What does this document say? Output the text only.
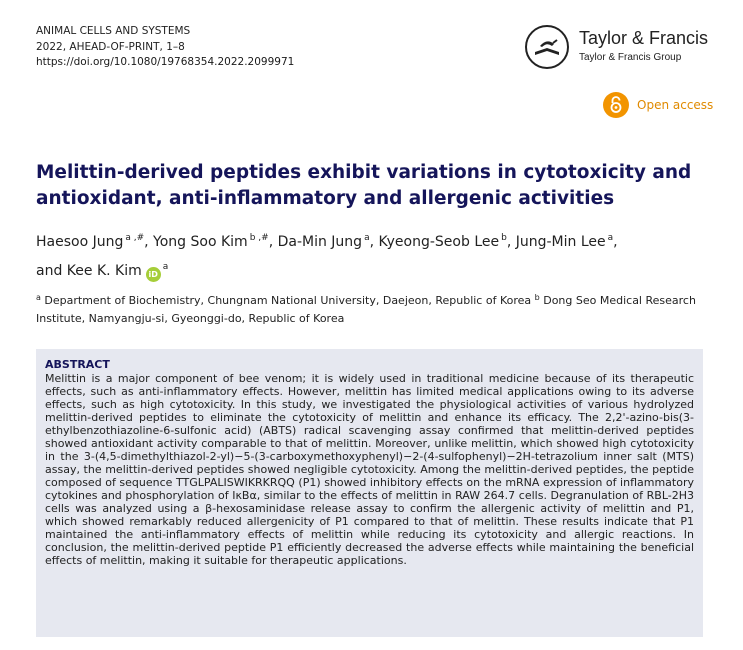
ANIMAL CELLS AND SYSTEMS
2022, AHEAD-OF-PRINT, 1–8
https://doi.org/10.1080/19768354.2022.2099971
Taylor & Francis
Taylor & Francis Group
Open access
Melittin-derived peptides exhibit variations in cytotoxicity and antioxidant, anti-inflammatory and allergenic activities
Haesoo Jung $^{a ,\#}$, Yong Soo Kim $^{b ,\#}$, Da-Min Jung $^a$, Kyeong-Seob Lee $^b$, Jung-Min Lee $^a$,
and Kee K. Kim $iD^a$
$^a$ Department of Biochemistry, Chungnam National University, Daejeon, Republic of Korea $^b$ Dong Seo Medical Research Institute, Namyangju-si, Gyeonggi-do, Republic of Korea
ABSTRACT
Melittin is a major component of bee venom; it is widely used in traditional medicine because of its therapeutic effects, such as anti-inflammatory effects. However, melittin has limited medical applications owing to its adverse effects, such as high cytotoxicity. In this study, we investigated the physiological activities of various hydrolyzed melittin-derived peptides to eliminate the cytotoxicity of melittin and enhance its efficacy. The 2,2'-azino-bis(3-ethylbenzothiazoline-6-sulfonic acid) (ABTS) radical scavenging assay confirmed that melittin-derived peptides showed antioxidant activity comparable to that of melittin. Moreover, unlike melittin, which showed high cytotoxicity in the 3-(4,5-dimethylthiazol-2-yl)−5-(3-carboxymethoxyphenyl)−2-(4-sulfophenyl)−2H-tetrazolium inner salt (MTS) assay, the melittin-derived peptides showed negligible cytotoxicity. Among the melittin-derived peptides, the peptide composed of sequence TTGLPALISWIKRKRQQ (P1) showed inhibitory effects on the mRNA expression of inflammatory cytokines and phosphorylation of IκBα, similar to the effects of melittin in RAW 264.7 cells. Degranulation of RBL-2H3 cells was analyzed using a β-hexosaminidase release assay to confirm the allergenic activity of melittin and P1, which showed remarkably reduced allergenicity of P1 compared to that of melittin. These results indicate that P1 maintained the anti-inflammatory effects of melittin while reducing its cytotoxicity and allergic reactions. In conclusion, the melittin-derived peptide P1 efficiently decreased the adverse effects while maintaining the beneficial effects of melittin, making it suitable for therapeutic applications.
